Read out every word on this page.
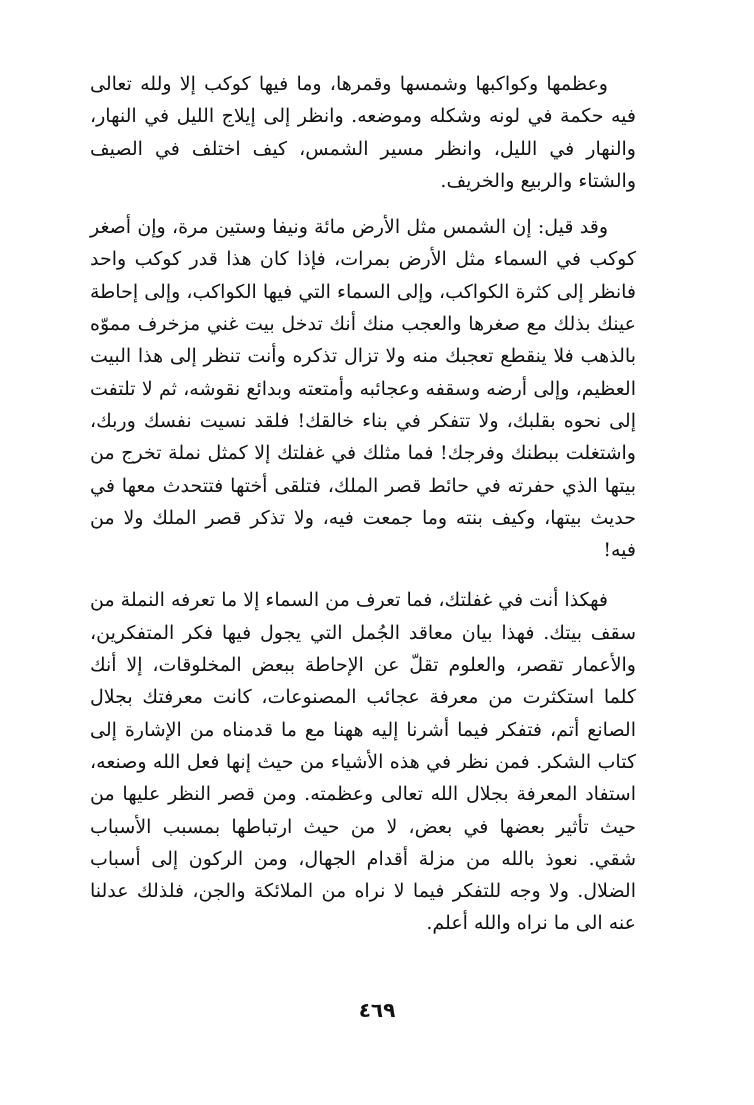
وعظمها وكواكبها وشمسها وقمرها، وما فيها كوكب إلا ولله تعالى فيه حكمة في لونه وشكله وموضعه. وانظر إلى إيلاج الليل في النهار، والنهار في الليل، وانظر مسير الشمس، كيف اختلف في الصيف والشتاء والربيع والخريف.

وقد قيل: إن الشمس مثل الأرض مائة ونيفا وستين مرة، وإن أصغر كوكب في السماء مثل الأرض بمرات، فإذا كان هذا قدر كوكب واحد فانظر إلى كثرة الكواكب، وإلى السماء التي فيها الكواكب، وإلى إحاطة عينك بذلك مع صغرها والعجب منك أنك تدخل بيت غني مزخرف مموّه بالذهب فلا ينقطع تعجبك منه ولا تزال تذكره وأنت تنظر إلى هذا البيت العظيم، وإلى أرضه وسقفه وعجائبه وأمتعته وبدائع نقوشه، ثم لا تلتفت إلى نحوه بقلبك، ولا تتفكر في بناء خالقك! فلقد نسيت نفسك وربك، واشتغلت ببطنك وفرجك! فما مثلك في غفلتك إلا كمثل نملة تخرج من بيتها الذي حفرته في حائط قصر الملك، فتلقى أختها فتتحدث معها في حديث بيتها، وكيف بنته وما جمعت فيه، ولا تذكر قصر الملك ولا من فيه!

فهكذا أنت في غفلتك، فما تعرف من السماء إلا ما تعرفه النملة من سقف بيتك. فهذا بيان معاقد الجُمل التي يجول فيها فكر المتفكرين، والأعمار تقصر، والعلوم تقلّ عن الإحاطة ببعض المخلوقات، إلا أنك كلما استكثرت من معرفة عجائب المصنوعات، كانت معرفتك بجلال الصانع أتم، فتفكر فيما أشرنا إليه ههنا مع ما قدمناه من الإشارة إلى كتاب الشكر. فمن نظر في هذه الأشياء من حيث إنها فعل الله وصنعه، استفاد المعرفة بجلال الله تعالى وعظمته. ومن قصر النظر عليها من حيث تأثير بعضها في بعض، لا من حيث ارتباطها بمسبب الأسباب شقي. نعوذ بالله من مزلة أقدام الجهال، ومن الركون إلى أسباب الضلال. ولا وجه للتفكر فيما لا نراه من الملائكة والجن، فلذلك عدلنا عنه الى ما نراه والله أعلم.

٤٦٩
